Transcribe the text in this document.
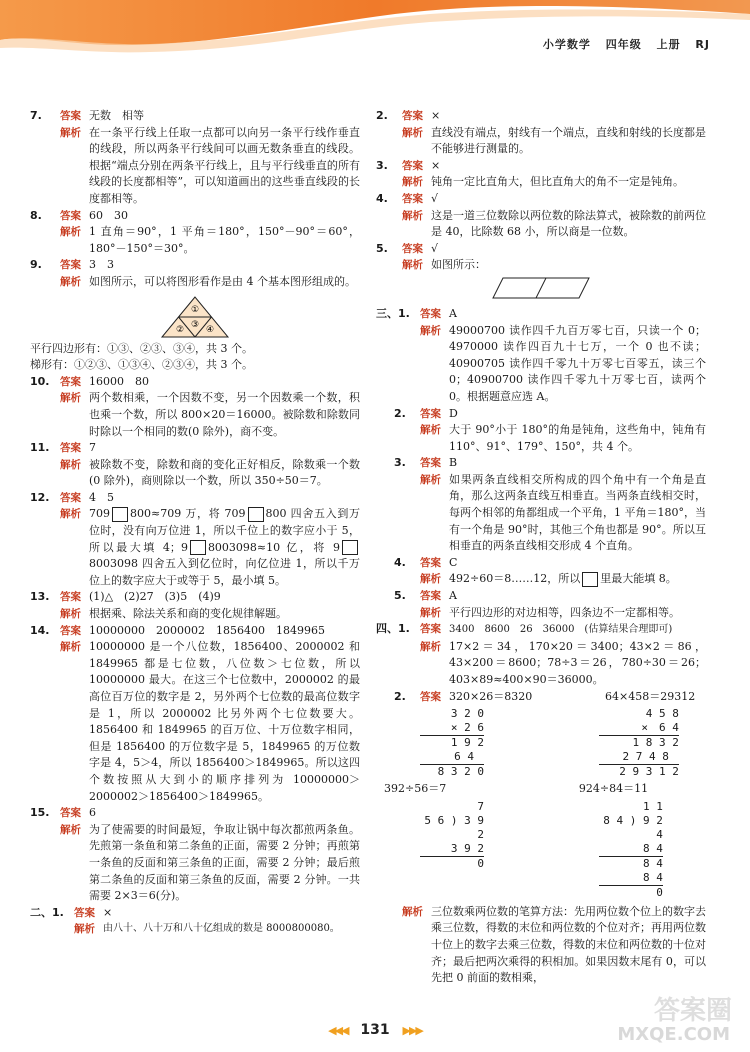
小学数学 四年级 上册 RJ
7.	答案 无数　相等
解析 在一条平行线上任取一点都可以向另一条平行线作垂直的线段，所以两条平行线间可以画无数条垂直的线段。根据“端点分别在两条平行线上，且与平行线垂直的所有线段的长度都相等”，可以知道画出的这些垂直线段的长度都相等。
8.	答案 60　30
解析 1 直角＝90°，1 平角＝180°，150°－90°＝60°，180°－150°＝30°。
9.	答案 3　3
解析 如图所示，可以将图形看作是由 4 个基本图形组成的。
①
② ③ ④
平行四边形有：①③、②③、③④，共 3 个。
梯形有：①②③、①③④、②③④，共 3 个。
10.	答案 16000　80
解析 两个数相乘，一个因数不变，另一个因数乘一个数，积也乘一个数，所以 800×20＝16000。被除数和除数同时除以一个相同的数(0 除外)，商不变。
11.	答案 7
解析 被除数不变，除数和商的变化正好相反，除数乘一个数(0 除外)，商则除以一个数，所以 350÷50＝7。
12.	答案 4　5
解析 709 800≈709 万，将 709 800 四舍五入到万位时，没有向万位进 1，所以千位上的数字应小于 5，所以最大填 4；9 8003098≈10 亿，将 98003098 四舍五入到亿位时，向亿位进 1，所以千万位上的数字应大于或等于 5，最小填 5。
13.	答案 (1)△　(2)27　(3)5　(4)9
解析 根据乘、除法关系和商的变化规律解题。
14.	答案 10000000　2000002　1856400　1849965
解析 10000000 是一个八位数，1856400、2000002 和 1849965 都是七位数，八位数＞七位数，所以 10000000 最大。在这三个七位数中，2000002 的最高位百万位的数字是 2，另外两个七位数的最高位数字是 1，所以 2000002 比另外两个七位数要大。1856400 和 1849965 的百万位、十万位数字相同，但是 1856400 的万位数字是 5，1849965 的万位数字是 4，5＞4，所以 1856400＞1849965。所以这四个数按照从大到小的顺序排列为 10000000＞2000002＞1856400＞1849965。
15.	答案 6
解析 为了使需要的时间最短，争取让锅中每次都煎两条鱼。先煎第一条鱼和第二条鱼的正面，需要 2 分钟；再煎第一条鱼的反面和第三条鱼的正面，需要 2 分钟；最后煎第二条鱼的反面和第三条鱼的反面，需要 2 分钟。一共需要 2×3＝6(分)。
二、1. 答案 ×
解析 由八十、八十万和八十亿组成的数是 8000800080。
2.	答案 ×
解析 直线没有端点，射线有一个端点，直线和射线的长度都是不能够进行测量的。
3.	答案 ×
解析 钝角一定比直角大，但比直角大的角不一定是钝角。
4.	答案 √
解析 这是一道三位数除以两位数的除法算式，被除数的前两位是 40，比除数 68 小，所以商是一位数。
5.	答案 √
解析 如图所示：
三、1. 答案 A
解析 49000700 读作四千九百万零七百，只读一个 0；4970000 读作四百九十七万，一个 0 也不读；40900705 读作四千零九十万零七百零五，读三个 0；40900700 读作四千零九十万零七百，读两个 0。根据题意应选 A。
2.	答案 D
解析 大于 90°小于 180°的角是钝角，这些角中，钝角有 110°、91°、179°、150°，共 4 个。
3.	答案 B
解析 如果两条直线相交所构成的四个角中有一个角是直角，那么这两条直线互相垂直。当两条直线相交时，每两个相邻的角都组成一个平角，1 平角＝180°，当有一个角是 90°时，其他三个角也都是 90°。所以互相垂直的两条直线相交形成 4 个直角。
4.	答案 C
解析 492÷60＝8……12，所以 里最大能填 8。
5.	答案 A
解析 平行四边形的对边相等，四条边不一定都相等。
四、1. 答案 3400　8600　26　36000　(估算结果合理即可)
解析 17×2＝34，170×20＝3400；43×2＝86，43×200＝8600；78÷3＝26，780÷30＝26；403×89≈400×90＝36000。
2.	答案 320×26＝8320	64×458＝29312
3 2 0
× 2 6
1 9 2
6 4
8 3 2 0
392÷56＝7
7
5 6 ) 3 9 2
3 9 2
0
4 5 8
×　6 4
1 8 3 2
2 7 4 8
2 9 3 1 2
924÷84＝11
1 1
8 4 ) 9 2 4
8 4
8 4
8 4
0
解析 三位数乘两位数的笔算方法：先用两位数个位上的数字去乘三位数，得数的末位和两位数的个位对齐；再用两位数十位上的数字去乘三位数，得数的末位和两位数的十位对齐；最后把两次乘得的积相加。如果因数末尾有 0，可以先把 0 前面的数相乘，
◀◀◀ 131 ▶▶▶
答案圈
MXQE.COM
